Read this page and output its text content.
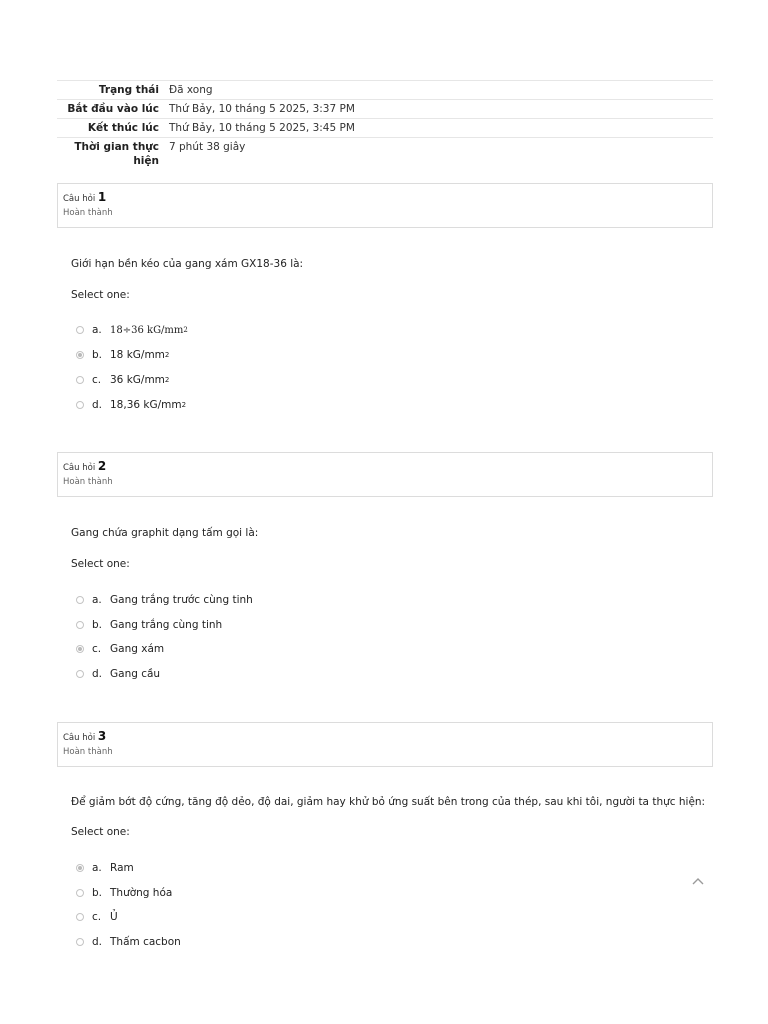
Trạng thái	Đã xong
Bắt đầu vào lúc	Thứ Bảy, 10 tháng 5 2025, 3:37 PM
Kết thúc lúc	Thứ Bảy, 10 tháng 5 2025, 3:45 PM
Thời gian thực hiện	7 phút 38 giây
Câu hỏi 1
Hoàn thành
Giới hạn bền kéo của gang xám GX18-36 là:
Select one:
a. 18÷36 kG/mm 2
b. 18 kG/mm 2
c. 36 kG/mm 2
d. 18,36 kG/mm 2
Câu hỏi 2
Hoàn thành
Gang chứa graphit dạng tấm gọi là:
Select one:
a. Gang trắng trước cùng tinh
b. Gang trắng cùng tinh
c. Gang xám
d. Gang cầu
Câu hỏi 3
Hoàn thành
Để giảm bớt độ cứng, tăng độ dẻo, độ dai, giảm hay khử bỏ ứng suất bên trong của thép, sau khi tôi, người ta thực hiện:
Select one:
a. Ram
b. Thường hóa
c. Ủ
d. Thấm cacbon
